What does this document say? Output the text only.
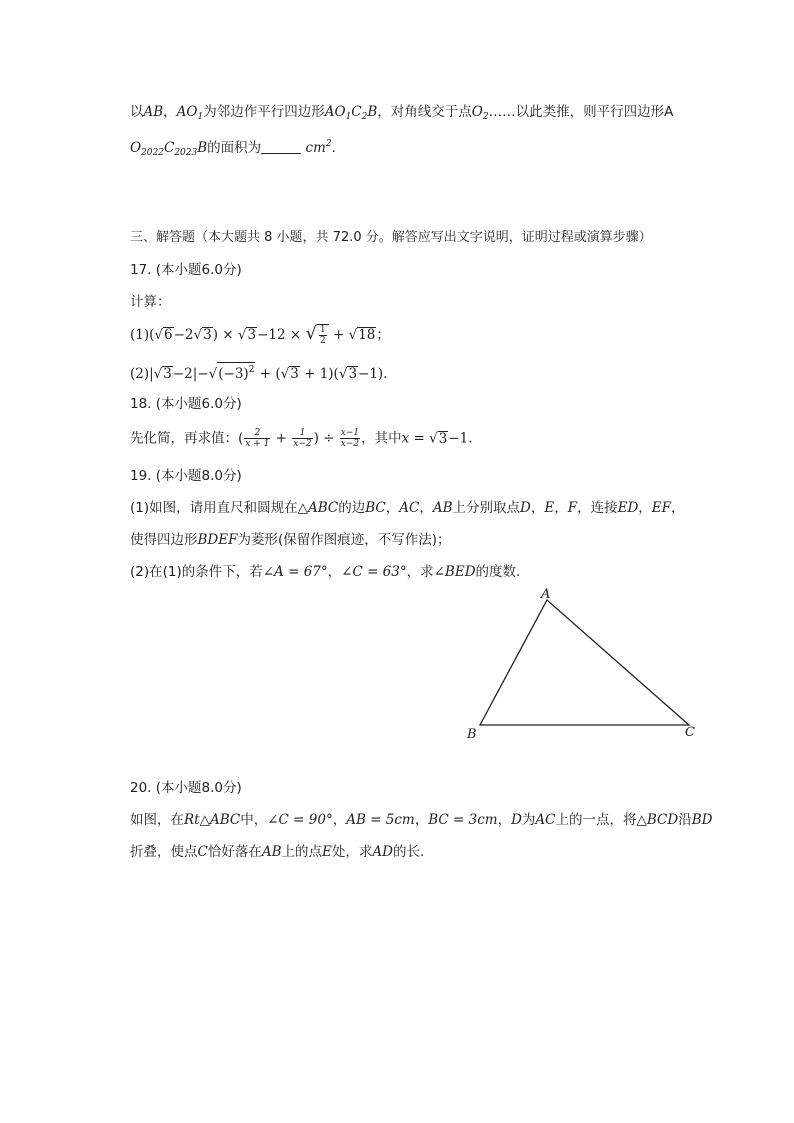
以AB，$AO_1$为邻边作平行四边形$AO_1C_2B$，对角线交于点$O_2\dots\dots$以此类推，则平行四边形A
$O_{2022}C_{2023}B$的面积为	$cm^2$.
三、解答题（本大题共 8 小题，共 72.0 分。解答应写出文字说明，证明过程或演算步骤）
17. (本小题6.0分)
计算：
(1)(√6−2√3) × √3−12 × √ $\frac{1}{2} + √18$；
$(2)|√3-2|-√(-3)^2 + (√3 + 1)(√3-1)$.
18. (本小题6.0分)
先化简，再求值：( $\frac{2}{x + 1} + \frac{1}{x-2}$ ) ÷ $\frac{x-1}{x-2}$ ，其中x = √3−1.
19. (本小题8.0分)
(1)如图，请用直尺和圆规在△ABC的边BC，AC，AB上分别取点D，E，F，连接ED，EF，
使得四边形BDEF为菱形(保留作图痕迹，不写作法)；
(2)在(1)的条件下，若∠A = 67°，∠C = 63°，求∠BED的度数.
A
B	C
20. (本小题8.0分)
如图，在Rt△ABC中，∠C = 90°，AB = 5cm，BC = 3cm，D为AC上的一点，将△BCD沿BD
折叠，使点C恰好落在AB上的点E处，求AD的长.
